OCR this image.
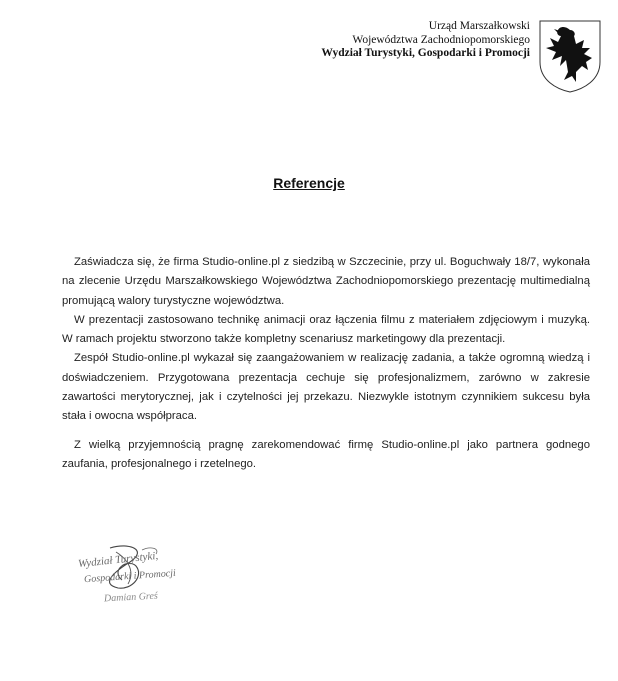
Urząd Marszałkowski
Województwa Zachodniopomorskiego
Wydział Turystyki, Gospodarki i Promocji
Referencje

Zaświadcza się, że firma Studio-online.pl z siedzibą w Szczecinie, przy ul. Boguchwały 18/7, wykonała na zlecenie Urzędu Marszałkowskiego Województwa Zachodniopomorskiego prezentację multimedialną promującą walory turystyczne województwa.

W prezentacji zastosowano technikę animacji oraz łączenia filmu z materiałem zdjęciowym i muzyką. W ramach projektu stworzono także kompletny scenariusz marketingowy dla prezentacji.

Zespół Studio-online.pl wykazał się zaangażowaniem w realizację zadania, a także ogromną wiedzą i doświadczeniem. Przygotowana prezentacja cechuje się profesjonalizmem, zarówno w zakresie zawartości merytorycznej, jak i czytelności jej przekazu. Niezwykle istotnym czynnikiem sukcesu była stała i owocna współpraca.

Z wielką przyjemnością pragnę zarekomendować firmę Studio-online.pl jako partnera godnego zaufania, profesjonalnego i rzetelnego.

Wydział Turystyki,
Gospodarki i Promocji
Damian Greś
